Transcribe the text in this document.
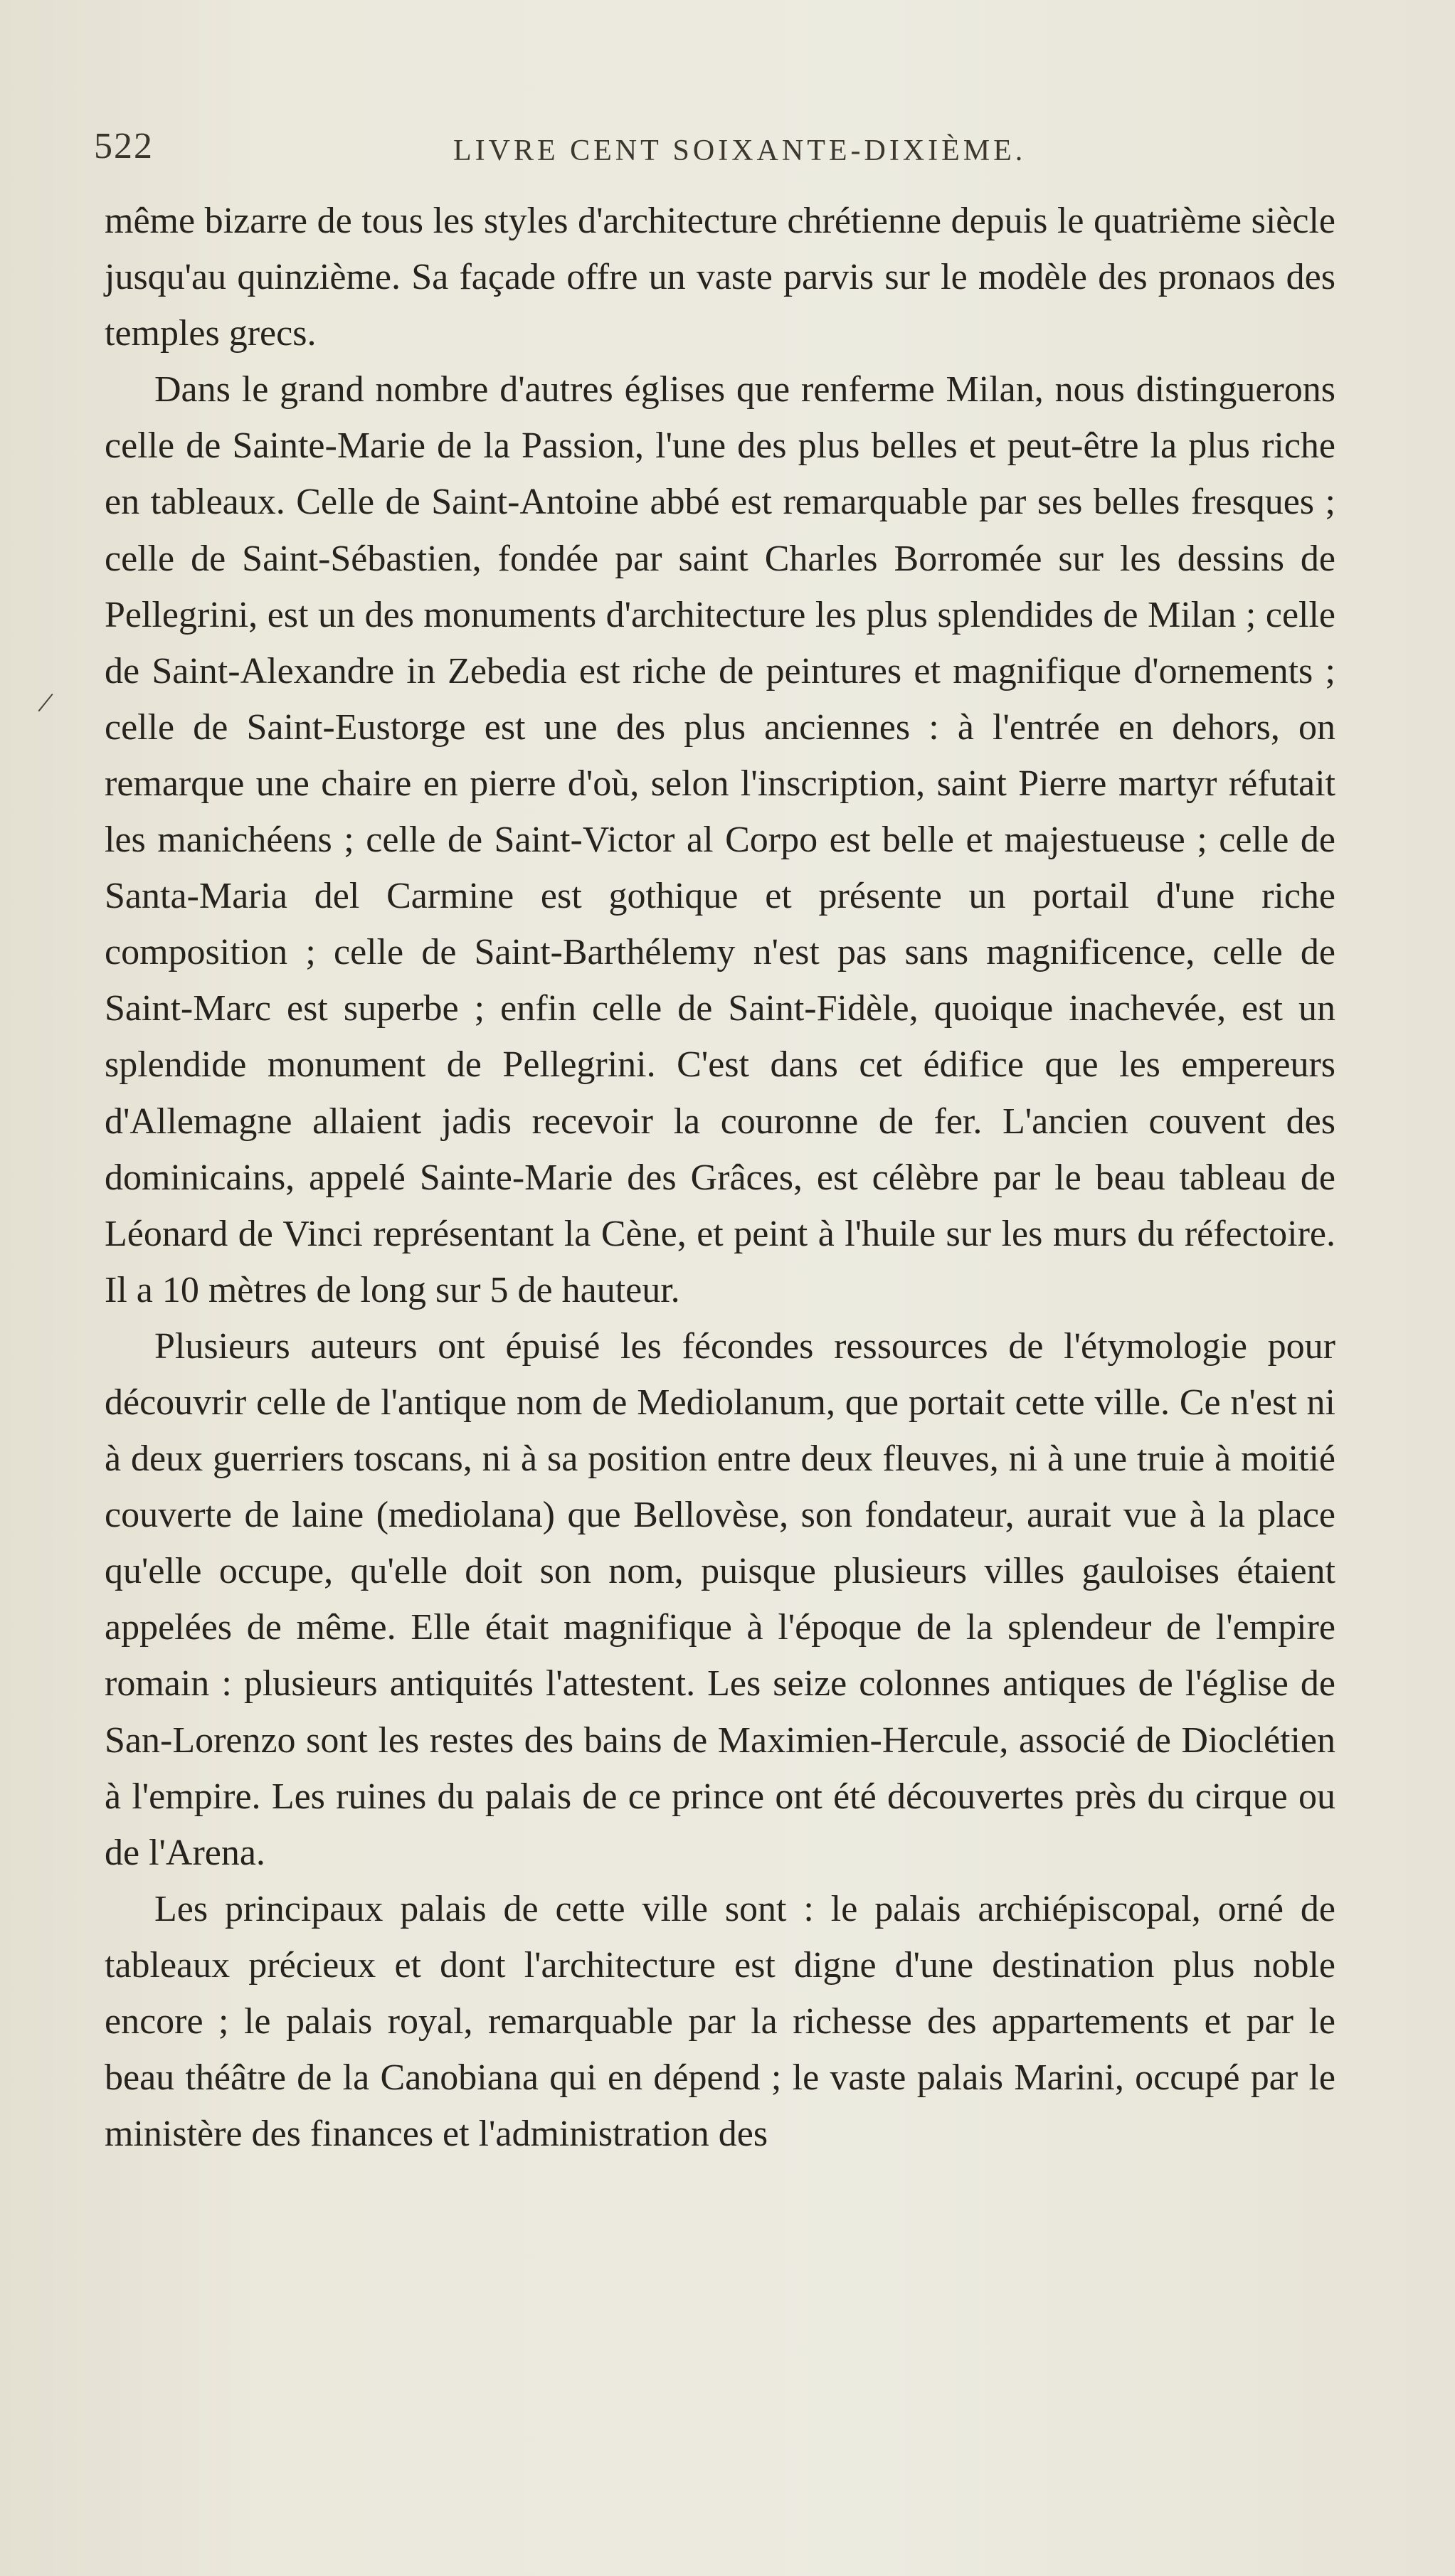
522	LIVRE CENT SOIXANTE-DIXIÈME.
/

même bizarre de tous les styles d'architecture chrétienne depuis le quatrième siècle jusqu'au quinzième. Sa façade offre un vaste parvis sur le modèle des pronaos des temples grecs.

Dans le grand nombre d'autres églises que renferme Milan, nous distinguerons celle de Sainte-Marie de la Passion, l'une des plus belles et peut-être la plus riche en tableaux. Celle de Saint-Antoine abbé est remarquable par ses belles fresques ; celle de Saint-Sébastien, fondée par saint Charles Borromée sur les dessins de Pellegrini, est un des monuments d'architecture les plus splendides de Milan ; celle de Saint-Alexandre in Zebedia est riche de peintures et magnifique d'ornements ; celle de Saint-Eustorge est une des plus anciennes : à l'entrée en dehors, on remarque une chaire en pierre d'où, selon l'inscription, saint Pierre martyr réfutait les manichéens ; celle de Saint-Victor al Corpo est belle et majestueuse ; celle de Santa-Maria del Carmine est gothique et présente un portail d'une riche composition ; celle de Saint-Barthélemy n'est pas sans magnificence, celle de Saint-Marc est superbe ; enfin celle de Saint-Fidèle, quoique inachevée, est un splendide monument de Pellegrini. C'est dans cet édifice que les empereurs d'Allemagne allaient jadis recevoir la couronne de fer. L'ancien couvent des dominicains, appelé Sainte-Marie des Grâces, est célèbre par le beau tableau de Léonard de Vinci représentant la Cène, et peint à l'huile sur les murs du réfectoire. Il a 10 mètres de long sur 5 de hauteur.

Plusieurs auteurs ont épuisé les fécondes ressources de l'étymologie pour découvrir celle de l'antique nom de Mediolanum, que portait cette ville. Ce n'est ni à deux guerriers toscans, ni à sa position entre deux fleuves, ni à une truie à moitié couverte de laine (mediolana) que Bellovèse, son fondateur, aurait vue à la place qu'elle occupe, qu'elle doit son nom, puisque plusieurs villes gauloises étaient appelées de même. Elle était magnifique à l'époque de la splendeur de l'empire romain : plusieurs antiquités l'attestent. Les seize colonnes antiques de l'église de San-Lorenzo sont les restes des bains de Maximien-Hercule, associé de Dioclétien à l'empire. Les ruines du palais de ce prince ont été découvertes près du cirque ou de l'Arena.

Les principaux palais de cette ville sont : le palais archiépiscopal, orné de tableaux précieux et dont l'architecture est digne d'une destination plus noble encore ; le palais royal, remarquable par la richesse des appartements et par le beau théâtre de la Canobiana qui en dépend ; le vaste palais Marini, occupé par le ministère des finances et l'administration des
